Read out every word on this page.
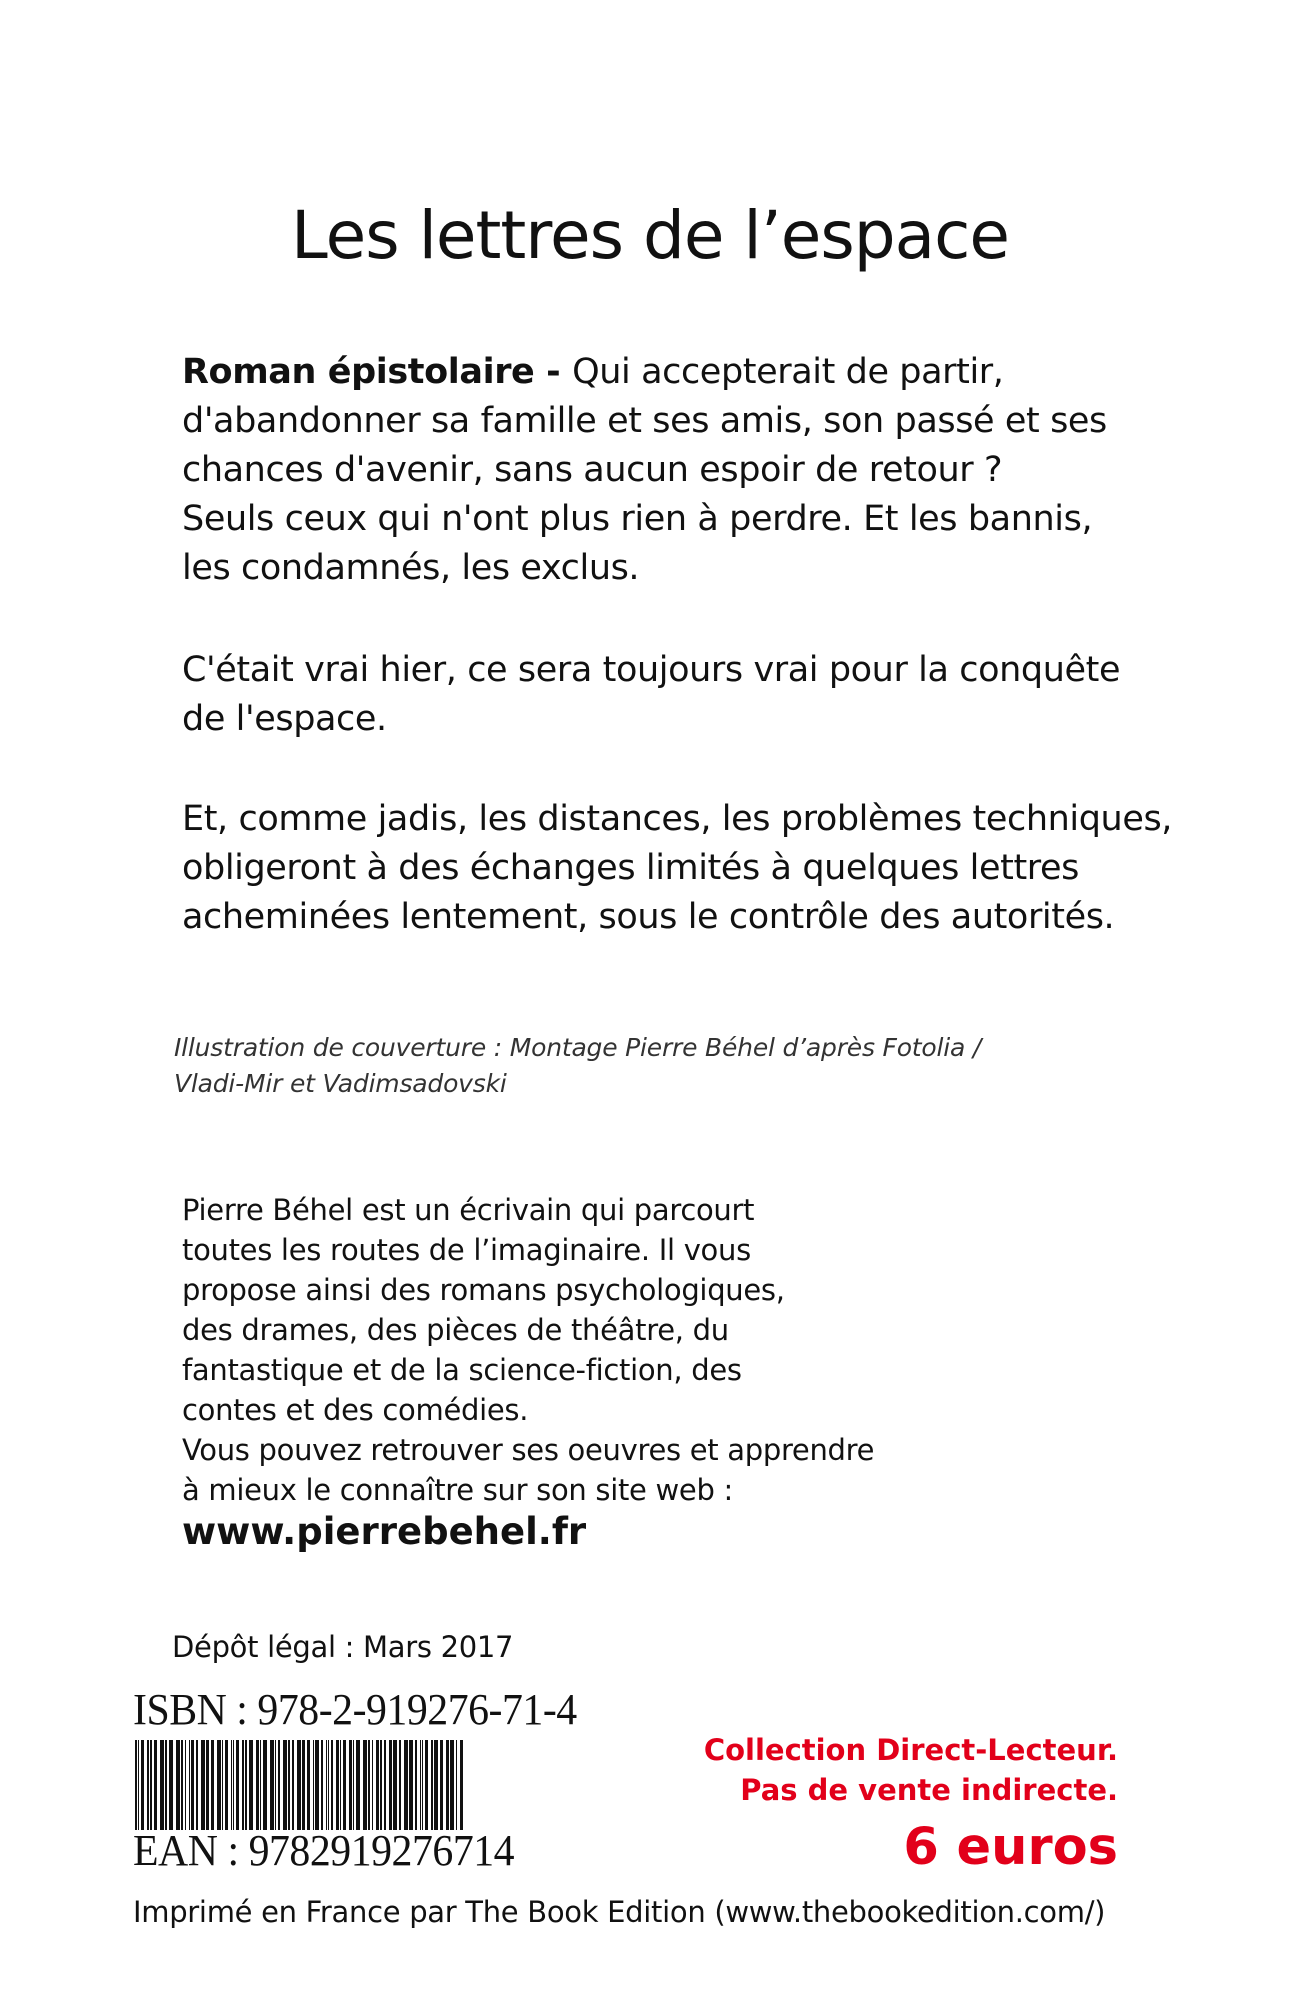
Les lettres de l’espace

Roman épistolaire - Qui accepterait de partir,
d'abandonner sa famille et ses amis, son passé et ses
chances d'avenir, sans aucun espoir de retour ?
Seuls ceux qui n'ont plus rien à perdre. Et les bannis,
les condamnés, les exclus.

C'était vrai hier, ce sera toujours vrai pour la conquête
de l'espace.

Et, comme jadis, les distances, les problèmes techniques,
obligeront à des échanges limités à quelques lettres
acheminées lentement, sous le contrôle des autorités.

Illustration de couverture : Montage Pierre Béhel d’après Fotolia /
Vladi-Mir et Vadimsadovski
Pierre Béhel est un écrivain qui parcourt
toutes les routes de l’imaginaire. Il vous
propose ainsi des romans psychologiques,
des drames, des pièces de théâtre, du
fantastique et de la science-fiction, des
contes et des comédies.
Vous pouvez retrouver ses oeuvres et apprendre
à mieux le connaître sur son site web :
www.pierrebehel.fr
Dépôt légal : Mars 2017
ISBN : 978-2-919276-71-4
EAN : 9782919276714
Collection Direct-Lecteur.
Pas de vente indirecte.
6 euros
Imprimé en France par The Book Edition (www.thebookedition.com/)
